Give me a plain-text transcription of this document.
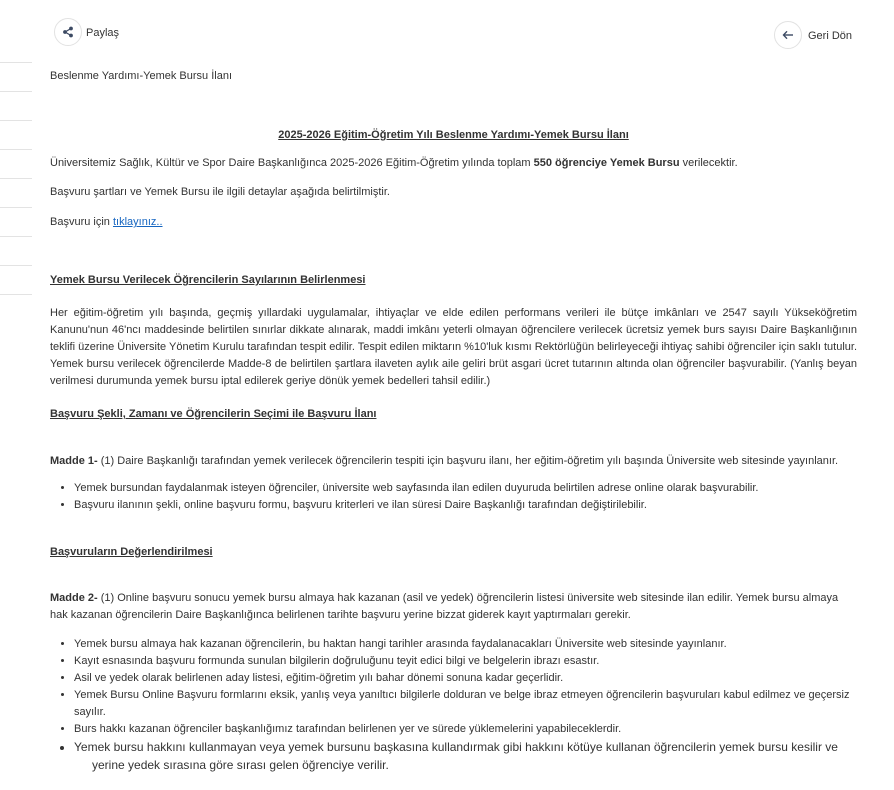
Paylaş	Geri Dön
Beslenme Yardımı-Yemek Bursu İlanı
2025-2026 Eğitim-Öğretim Yılı Beslenme Yardımı-Yemek Bursu İlanı

Üniversitemiz Sağlık, Kültür ve Spor Daire Başkanlığınca 2025-2026 Eğitim-Öğretim yılında toplam 550 öğrenciye Yemek Bursu verilecektir.

Başvuru şartları ve Yemek Bursu ile ilgili detaylar aşağıda belirtilmiştir.

Başvuru için tıklayınız..

Yemek Bursu Verilecek Öğrencilerin Sayılarının Belirlenmesi

Her eğitim-öğretim yılı başında, geçmiş yıllardaki uygulamalar, ihtiyaçlar ve elde edilen performans verileri ile bütçe imkânları ve 2547 sayılı Yükseköğretim Kanunu'nun 46'ncı maddesinde belirtilen sınırlar dikkate alınarak, maddi imkânı yeterli olmayan öğrencilere verilecek ücretsiz yemek burs sayısı Daire Başkanlığının teklifi üzerine Üniversite Yönetim Kurulu tarafından tespit edilir. Tespit edilen miktarın %10'luk kısmı Rektörlüğün belirleyeceği ihtiyaç sahibi öğrenciler için saklı tutulur. Yemek bursu verilecek öğrencilerde Madde-8 de belirtilen şartlara ilaveten aylık aile geliri brüt asgari ücret tutarının altında olan öğrenciler başvurabilir. (Yanlış beyan verilmesi durumunda yemek bursu iptal edilerek geriye dönük yemek bedelleri tahsil edilir.)

Başvuru Şekli, Zamanı ve Öğrencilerin Seçimi ile Başvuru İlanı

Madde 1- (1) Daire Başkanlığı tarafından yemek verilecek öğrencilerin tespiti için başvuru ilanı, her eğitim-öğretim yılı başında Üniversite web sitesinde yayınlanır.

• Yemek bursundan faydalanmak isteyen öğrenciler, üniversite web sayfasında ilan edilen duyuruda belirtilen adrese online olarak başvurabilir.
• Başvuru ilanının şekli, online başvuru formu, başvuru kriterleri ve ilan süresi Daire Başkanlığı tarafından değiştirilebilir.
Başvuruların Değerlendirilmesi

Madde 2- (1) Online başvuru sonucu yemek bursu almaya hak kazanan (asil ve yedek) öğrencilerin listesi üniversite web sitesinde ilan edilir. Yemek bursu almaya hak kazanan öğrencilerin Daire Başkanlığınca belirlenen tarihte başvuru yerine bizzat giderek kayıt yaptırmaları gerekir.

• Yemek bursu almaya hak kazanan öğrencilerin, bu haktan hangi tarihler arasında faydalanacakları Üniversite web sitesinde yayınlanır.
• Kayıt esnasında başvuru formunda sunulan bilgilerin doğruluğunu teyit edici bilgi ve belgelerin ibrazı esastır.
• Asil ve yedek olarak belirlenen aday listesi, eğitim-öğretim yılı bahar dönemi sonuna kadar geçerlidir.
• Yemek Bursu Online Başvuru formlarını eksik, yanlış veya yanıltıcı bilgilerle dolduran ve belge ibraz etmeyen öğrencilerin başvuruları kabul edilmez ve geçersiz sayılır.
• Burs hakkı kazanan öğrenciler başkanlığımız tarafından belirlenen yer ve sürede yüklemelerini yapabileceklerdir.
• Yemek bursu hakkını kullanmayan veya yemek bursunu başkasına kullandırmak gibi hakkını kötüye kullanan öğrencilerin yemek bursu kesilir ve
yerine yedek sırasına göre sırası gelen öğrenciye verilir.
